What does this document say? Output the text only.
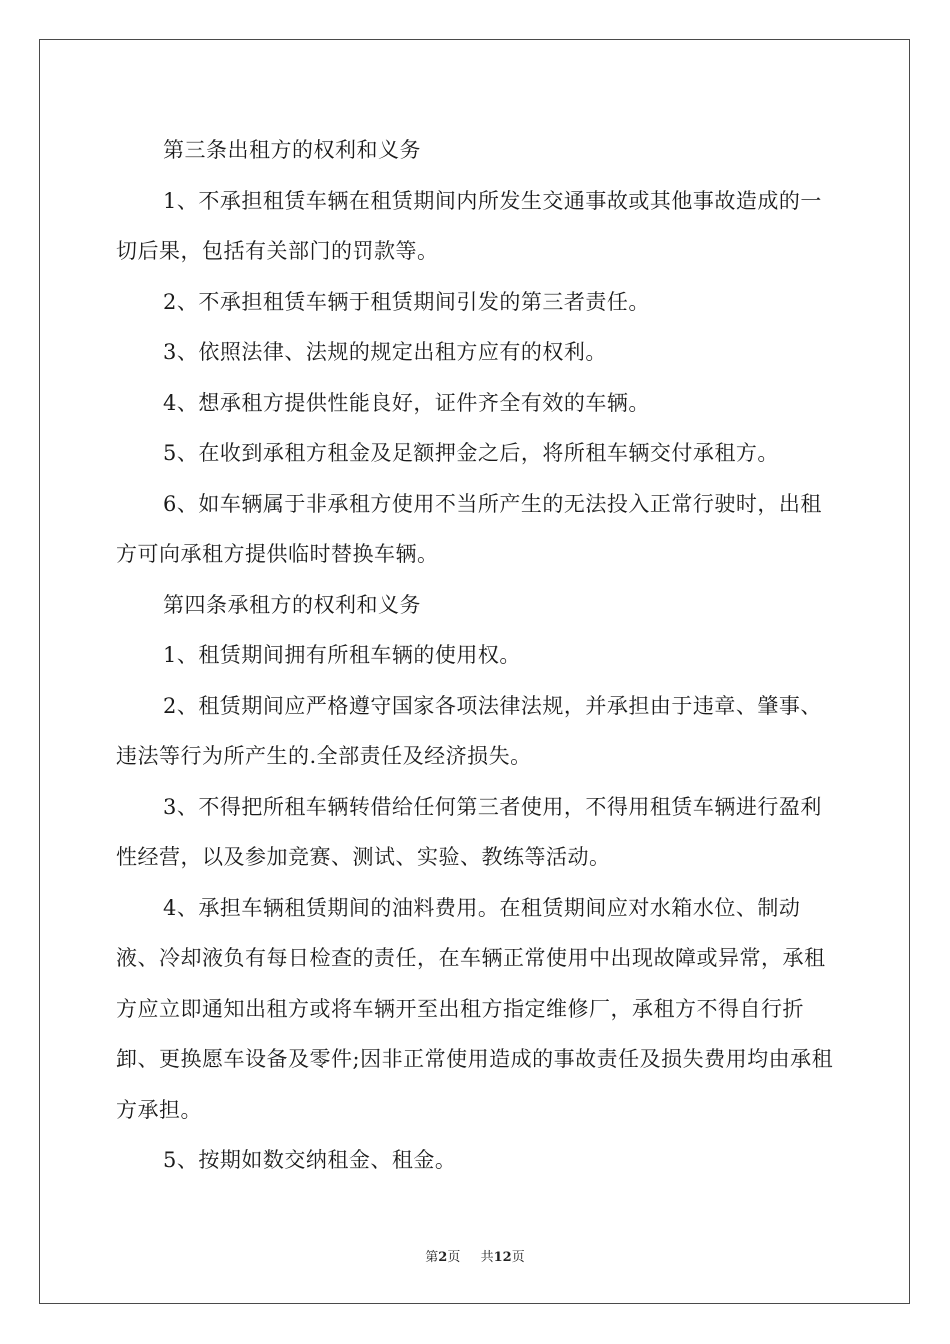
第三条出租方的权利和义务

1、不承担租赁车辆在租赁期间内所发生交通事故或其他事故造成的一切后果，包括有关部门的罚款等。

2、不承担租赁车辆于租赁期间引发的第三者责任。

3、依照法律、法规的规定出租方应有的权利。

4、想承租方提供性能良好，证件齐全有效的车辆。

5、在收到承租方租金及足额押金之后，将所租车辆交付承租方。

6、如车辆属于非承租方使用不当所产生的无法投入正常行驶时，出租方可向承租方提供临时替换车辆。

第四条承租方的权利和义务

1、租赁期间拥有所租车辆的使用权。

2、租赁期间应严格遵守国家各项法律法规，并承担由于违章、肇事、违法等行为所产生的.全部责任及经济损失。

3、不得把所租车辆转借给任何第三者使用，不得用租赁车辆进行盈利性经营，以及参加竞赛、测试、实验、教练等活动。

4、承担车辆租赁期间的油料费用。在租赁期间应对水箱水位、制动液、冷却液负有每日检查的责任，在车辆正常使用中出现故障或异常，承租方应立即通知出租方或将车辆开至出租方指定维修厂，承租方不得自行折卸、更换愿车设备及零件;因非正常使用造成的事故责任及损失费用均由承租方承担。

5、按期如数交纳租金、租金。

第2页 共12页
